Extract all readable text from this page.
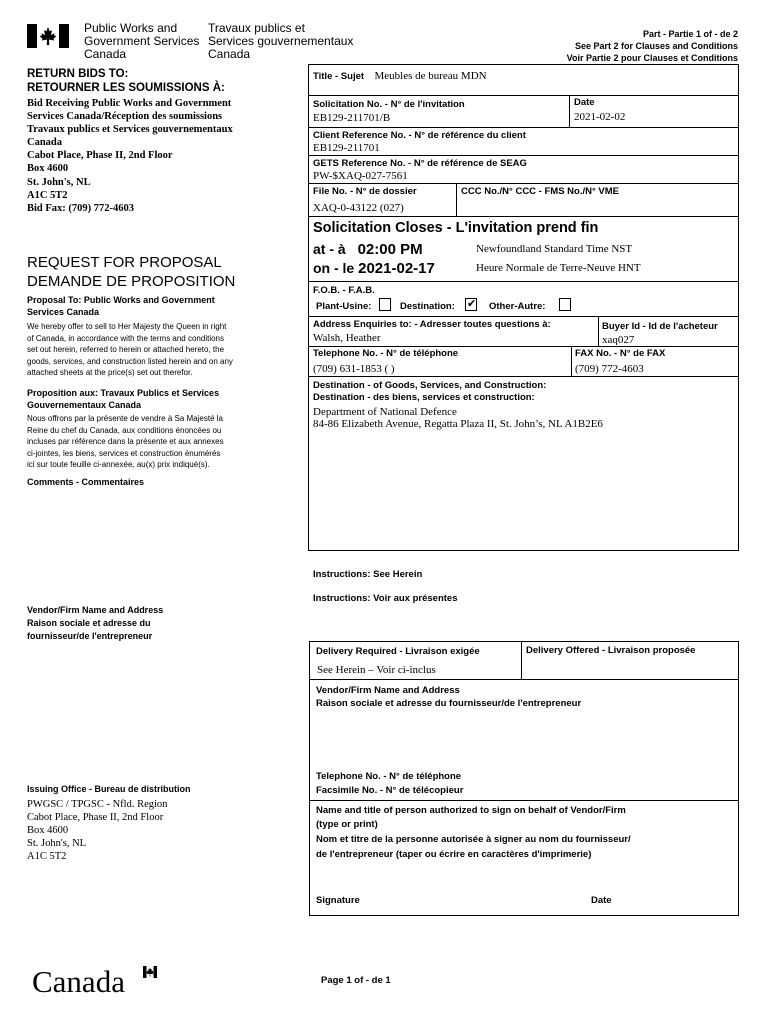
Public Works and
Government Services
Canada
Travaux publics et
Services gouvernementaux
Canada
Part - Partie 1 of - de 2
See Part 2 for Clauses and Conditions
Voir Partie 2 pour Clauses et Conditions
RETURN BIDS TO:
RETOURNER LES SOUMISSIONS À:
Bid Receiving Public Works and Government
Services Canada/Réception des soumissions
Travaux publics et Services gouvernementaux
Canada
Cabot Place, Phase II, 2nd Floor
Box 4600
St. John's, NL
A1C 5T2
Bid Fax: (709) 772-4603
REQUEST FOR PROPOSAL
DEMANDE DE PROPOSITION
Proposal To: Public Works and Government
Services Canada
We hereby offer to sell to Her Majesty the Queen in right
of Canada, in accordance with the terms and conditions
set out herein, referred to herein or attached hereto, the
goods, services, and construction listed herein and on any
attached sheets at the price(s) set out therefor.
Proposition aux: Travaux Publics et Services
Gouvernementaux Canada
Nous offrons par la présente de vendre à Sa Majesté la
Reine du chef du Canada, aux conditions énoncées ou
incluses par référence dans la présente et aux annexes
ci-jointes, les biens, services et construction énumérés
ici sur toute feuille ci-annexée, au(x) prix indiqué(s).
Comments - Commentaires
Vendor/Firm Name and Address
Raison sociale et adresse du
fournisseur/de l'entrepreneur
Issuing Office - Bureau de distribution
PWGSC / TPGSC - Nfld. Region
Cabot Place, Phase II, 2nd Floor
Box 4600
St. John's, NL
A1C 5T2
Title - Sujet Meubles de bureau MDN
Solicitation No. - N° de l'invitation
EB129-211701/B
Date
2021-02-02
Client Reference No. - N° de référence du client
EB129-211701
GETS Reference No. - N° de référence de SEAG
PW-$XAQ-027-7561
File No. - N° de dossier
XAQ-0-43122 (027)
CCC No./N° CCC - FMS No./N° VME
Solicitation Closes - L'invitation prend fin
at - à 02:00 PM
on - le 2021-02-17
Newfoundland Standard Time NST
Heure Normale de Terre-Neuve HNT
F.O.B. - F.A.B.
Plant-Usine:	Destination: ✔ Other-Autre:
Address Enquiries to: - Adresser toutes questions à:
Walsh, Heather
Buyer Id - Id de l'acheteur
xaq027
Telephone No. - N° de téléphone
(709) 631-1853 ( )
FAX No. - N° de FAX
(709) 772-4603
Destination - of Goods, Services, and Construction:
Destination - des biens, services et construction:
Department of National Defence
84-86 Elizabeth Avenue, Regatta Plaza II, St. John’s, NL A1B2E6
Instructions: See Herein
Instructions: Voir aux présentes
Delivery Required - Livraison exigée
See Herein – Voir ci-inclus
Delivery Offered - Livraison proposée
Vendor/Firm Name and Address
Raison sociale et adresse du fournisseur/de l'entrepreneur
Telephone No. - N° de téléphone
Facsimile No. - N° de télécopieur
Name and title of person authorized to sign on behalf of Vendor/Firm
(type or print)
Nom et titre de la personne autorisée à signer au nom du fournisseur/
de l'entrepreneur (taper ou écrire en caractères d'imprimerie)
Signature	Date
Canada	Page 1 of - de 1
